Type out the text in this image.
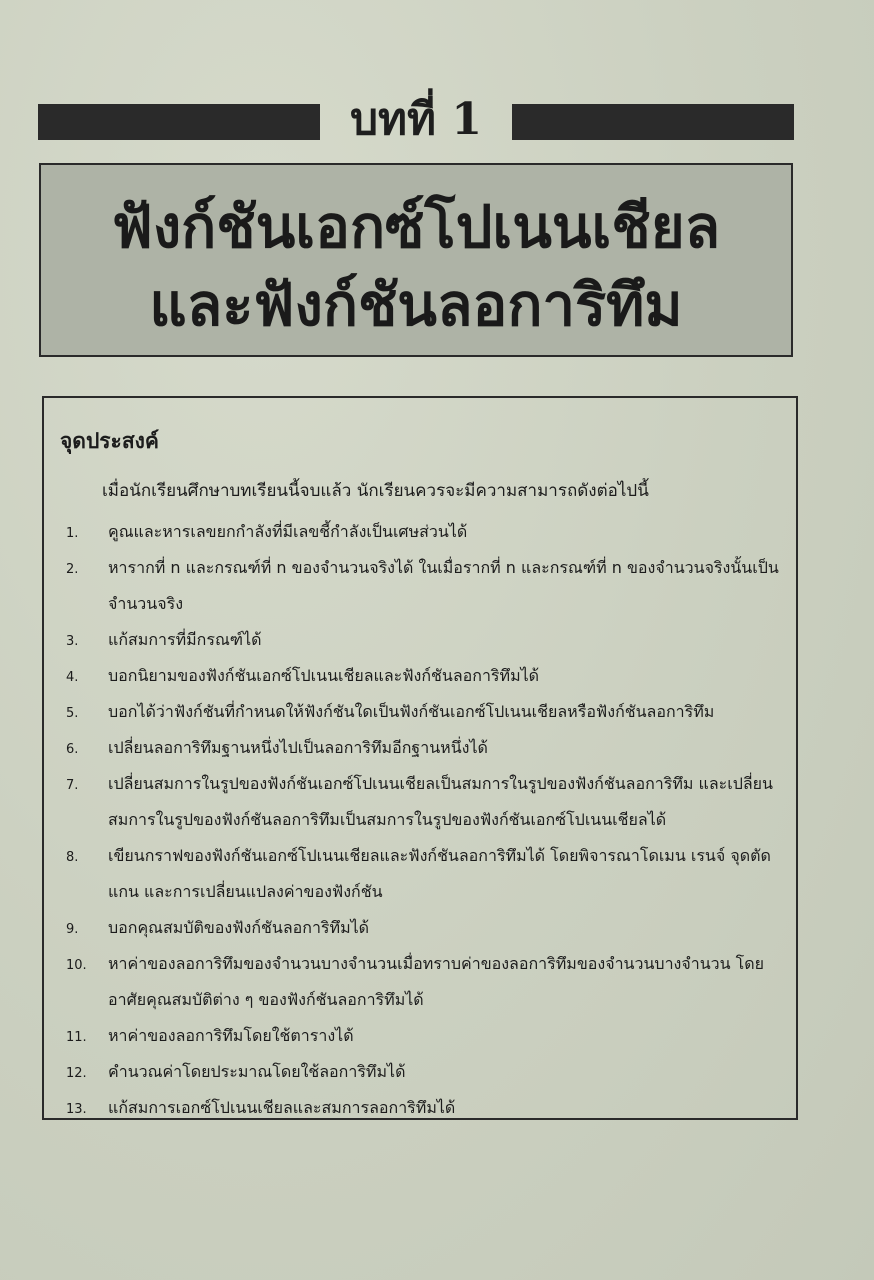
บทที่ 1
ฟังก์ชันเอกซ์โปเนนเชียล
และฟังก์ชันลอการิทึม
จุดประสงค์
เมื่อนักเรียนศึกษาบทเรียนนี้จบแล้ว นักเรียนควรจะมีความสามารถดังต่อไปนี้
1.	คูณและหารเลขยกกำลังที่มีเลขชี้กำลังเป็นเศษส่วนได้
2.	หารากที่ n และกรณฑ์ที่ n ของจำนวนจริงได้ ในเมื่อรากที่ n และกรณฑ์ที่ n ของจำนวนจริงนั้นเป็นจำนวนจริง
3.	แก้สมการที่มีกรณฑ์ได้
4.	บอกนิยามของฟังก์ชันเอกซ์โปเนนเชียลและฟังก์ชันลอการิทึมได้
5.	บอกได้ว่าฟังก์ชันที่กำหนดให้ฟังก์ชันใดเป็นฟังก์ชันเอกซ์โปเนนเชียลหรือฟังก์ชันลอการิทึม
6.	เปลี่ยนลอการิทึมฐานหนึ่งไปเป็นลอการิทึมอีกฐานหนึ่งได้
7.	เปลี่ยนสมการในรูปของฟังก์ชันเอกซ์โปเนนเชียลเป็นสมการในรูปของฟังก์ชันลอการิทึม และเปลี่ยนสมการในรูปของฟังก์ชันลอการิทึมเป็นสมการในรูปของฟังก์ชันเอกซ์โปเนนเชียลได้
8.	เขียนกราฟของฟังก์ชันเอกซ์โปเนนเชียลและฟังก์ชันลอการิทึมได้ โดยพิจารณาโดเมน เรนจ์ จุดตัดแกน และการเปลี่ยนแปลงค่าของฟังก์ชัน
9.	บอกคุณสมบัติของฟังก์ชันลอการิทึมได้
10.	หาค่าของลอการิทึมของจำนวนบางจำนวนเมื่อทราบค่าของลอการิทึมของจำนวนบางจำนวน โดยอาศัยคุณสมบัติต่าง ๆ ของฟังก์ชันลอการิทึมได้
11.	หาค่าของลอการิทึมโดยใช้ตารางได้
12.	คำนวณค่าโดยประมาณโดยใช้ลอการิทึมได้
13.	แก้สมการเอกซ์โปเนนเชียลและสมการลอการิทึมได้
